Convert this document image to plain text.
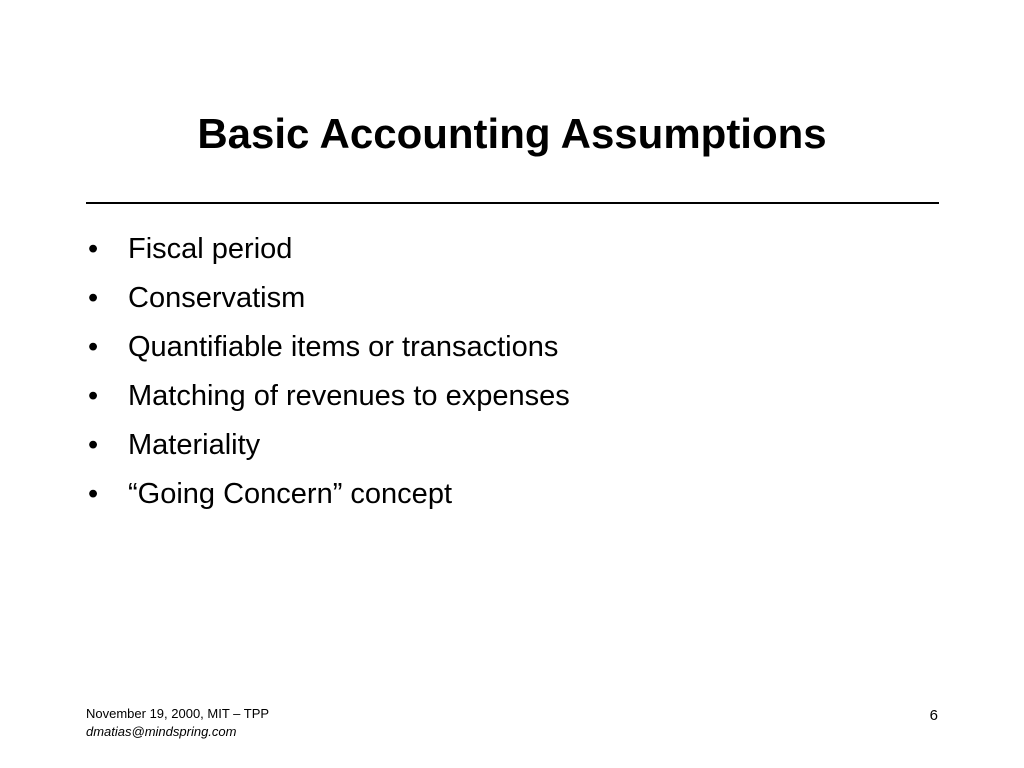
Basic Accounting Assumptions
•	Fiscal period
•	Conservatism
•	Quantifiable items or transactions
•	Matching of revenues to expenses
•	Materiality
•	“Going Concern” concept
November 19, 2000, MIT – TPP
dmatias@mindspring.com
6
